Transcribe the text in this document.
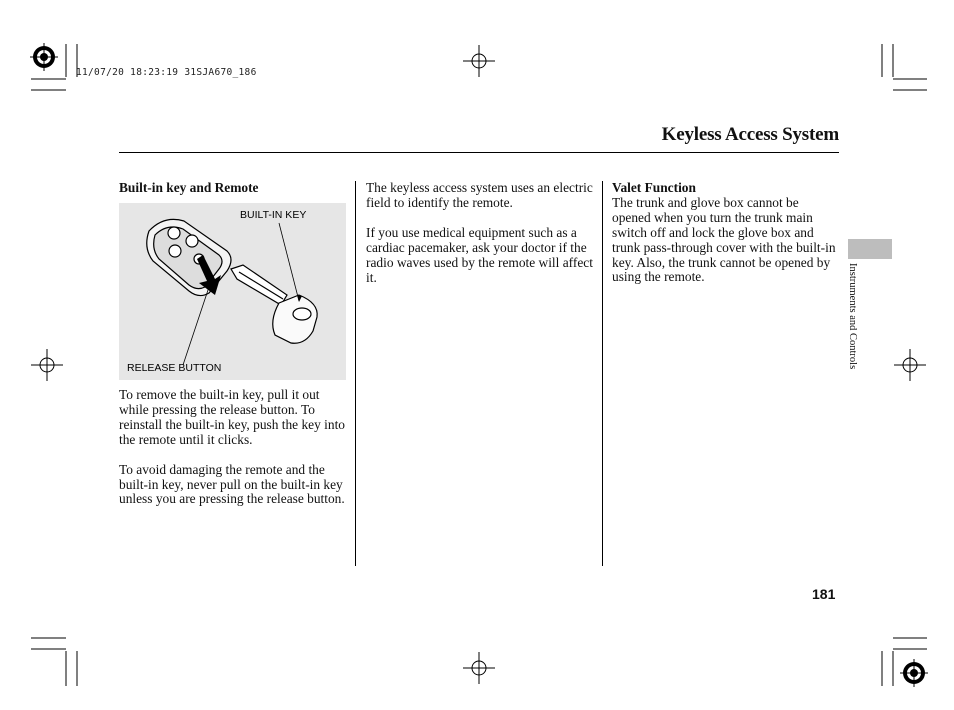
11/07/20 18:23:19 31SJA670_186
Keyless Access System

Built-in key and Remote

BUILT-IN KEY
RELEASE BUTTON

To remove the built-in key, pull it out while pressing the release button. To reinstall the built-in key, push the key into the remote until it clicks.

To avoid damaging the remote and the built-in key, never pull on the built-in key unless you are pressing the release button.

The keyless access system uses an electric field to identify the remote.

If you use medical equipment such as a cardiac pacemaker, ask your doctor if the radio waves used by the remote will affect it.

Valet Function

The trunk and glove box cannot be opened when you turn the trunk main switch off and lock the glove box and trunk pass-through cover with the built-in key. Also, the trunk cannot be opened by using the remote.	Instruments and Controls
181
